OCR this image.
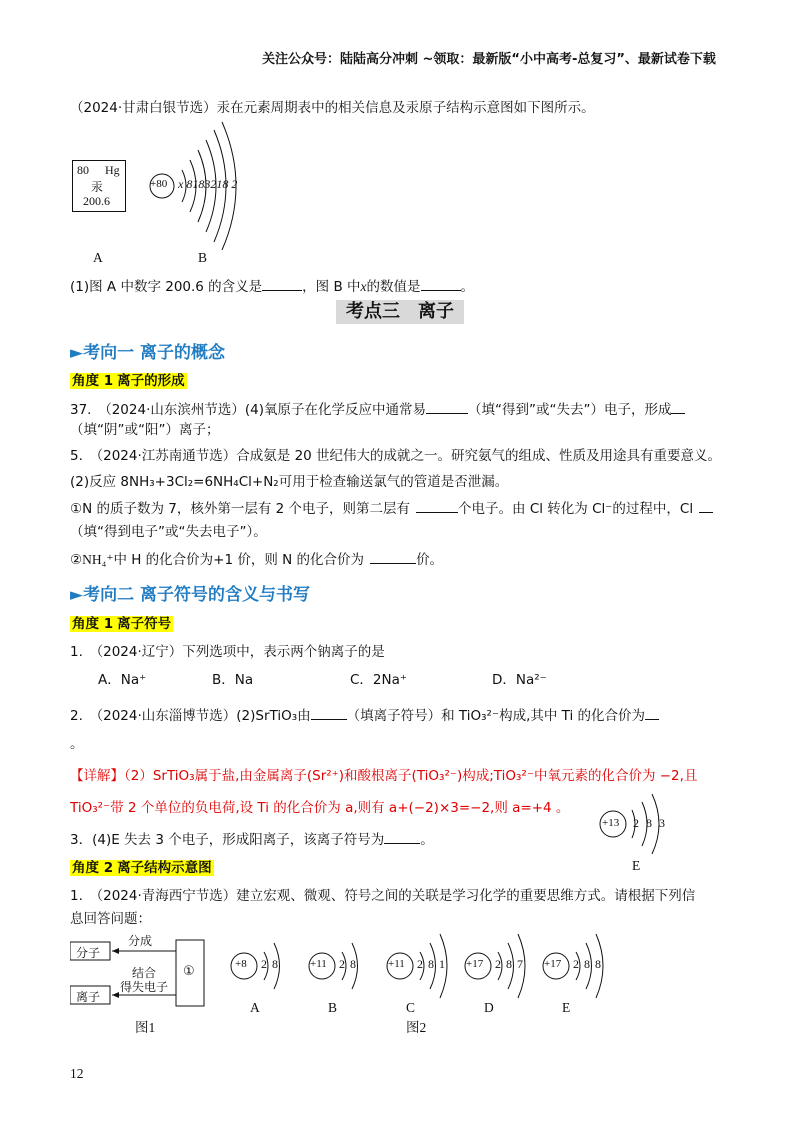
关注公众号：陆陆高分冲刺 ~领取：最新版“小中高考-总复习”、最新试卷下载
（2024·甘肃白银节选）汞在元素周期表中的相关信息及汞原子结构示意图如下图所示。
80 Hg
汞
200.6
+80 x 8183218 2
A	B
(1)图 A 中数字 200.6 的含义是	，图 B 中x的数值是	。
考点三　离子
►考向一 离子的概念
角度 1 离子的形成
37.　（2024·山东滨州节选）(4)氧原子在化学反应中通常易	（填“得到”或“失去”）电子，形成
（填“阴”或“阳”）离子；
5.　（2024·江苏南通节选）合成氨是 20 世纪伟大的成就之一。研究氨气的组成、性质及用途具有重要意义。
(2)反应 8NH₃+3Cl₂=6NH₄Cl+N₂可用于检查输送氯气的管道是否泄漏。
①N 的质子数为 7，核外第一层有 2 个电子，则第二层有	个电子。由 Cl 转化为 Cl⁻的过程中，Cl
（填“得到电子”或“失去电子”）。
②NH₄⁺中 H 的化合价为+1 价，则 N 的化合价为	价。
►考向二 离子符号的含义与书写
角度 1 离子符号
1.　（2024·辽宁）下列选项中，表示两个钠离子的是
A．Na⁺	B．Na	C．2Na⁺	D．Na²⁻
2.　（2024·山东淄博节选）(2)SrTiO₃由	（填离子符号）和 TiO₃²⁻构成,其中 Ti 的化合价为
。
【详解】（2）SrTiO₃属于盐,由金属离子(Sr²⁺)和酸根离子(TiO₃²⁻)构成;TiO₃²⁻中氧元素的化合价为 −2,且
TiO₃²⁻带 2 个单位的负电荷,设 Ti 的化合价为 a,则有 a+(−2)×3=−2,则 a=+4 。
3．(4)E 失去 3 个电子，形成阳离子，该离子符号为	。
+13 2 8 3
E
角度 2 离子结构示意图
1.　（2024·青海西宁节选）建立宏观、微观、符号之间的关联是学习化学的重要思维方式。请根据下列信
息回答问题：
分子
离子
分成
结合
得失电子
①
图1
+8 2 8
A
+11 2 8
B
+11 2 8 1
C
+17 2 8 7
D
+17 2 8 8
E
图2
12
